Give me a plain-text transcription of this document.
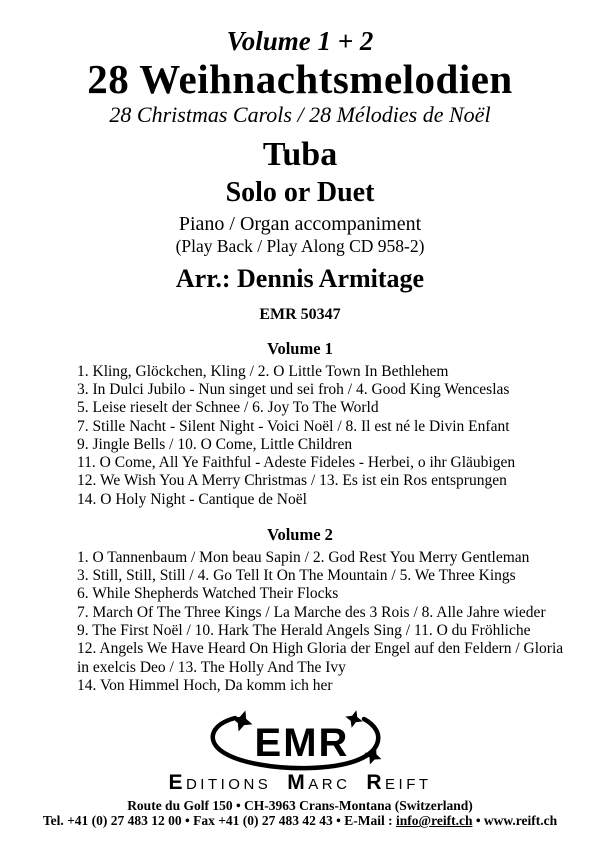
Volume 1 + 2
28 Weihnachtsmelodien
28 Christmas Carols / 28 Mélodies de Noël
Tuba
Solo or Duet
Piano / Organ accompaniment
(Play Back / Play Along CD 958-2)
Arr.: Dennis Armitage
EMR 50347
Volume 1
1. Kling, Glöckchen, Kling / 2. O Little Town In Bethlehem
3. In Dulci Jubilo - Nun singet und sei froh / 4. Good King Wenceslas
5. Leise rieselt der Schnee / 6. Joy To The World
7. Stille Nacht - Silent Night - Voici Noël / 8. Il est né le Divin Enfant
9. Jingle Bells / 10. O Come, Little Children
11. O Come, All Ye Faithful - Adeste Fideles - Herbei, o ihr Gläubigen
12. We Wish You A Merry Christmas / 13. Es ist ein Ros entsprungen
14. O Holy Night - Cantique de Noël
Volume 2
1. O Tannenbaum / Mon beau Sapin / 2. God Rest You Merry Gentleman
3. Still, Still, Still / 4. Go Tell It On The Mountain / 5. We Three Kings
6. While Shepherds Watched Their Flocks
7. March Of The Three Kings / La Marche des 3 Rois / 8. Alle Jahre wieder
9. The First Noël / 10. Hark The Herald Angels Sing / 11. O du Fröhliche
12. Angels We Have Heard On High Gloria der Engel auf den Feldern / Gloria
in exelcis Deo / 13. The Holly And The Ivy
14. Von Himmel Hoch, Da komm ich her
EMR
EDITIONS MARC REIFT
Route du Golf 150 • CH-3963 Crans-Montana (Switzerland)
Tel. +41 (0) 27 483 12 00 • Fax +41 (0) 27 483 42 43 • E-Mail : info@reift.ch • www.reift.ch
